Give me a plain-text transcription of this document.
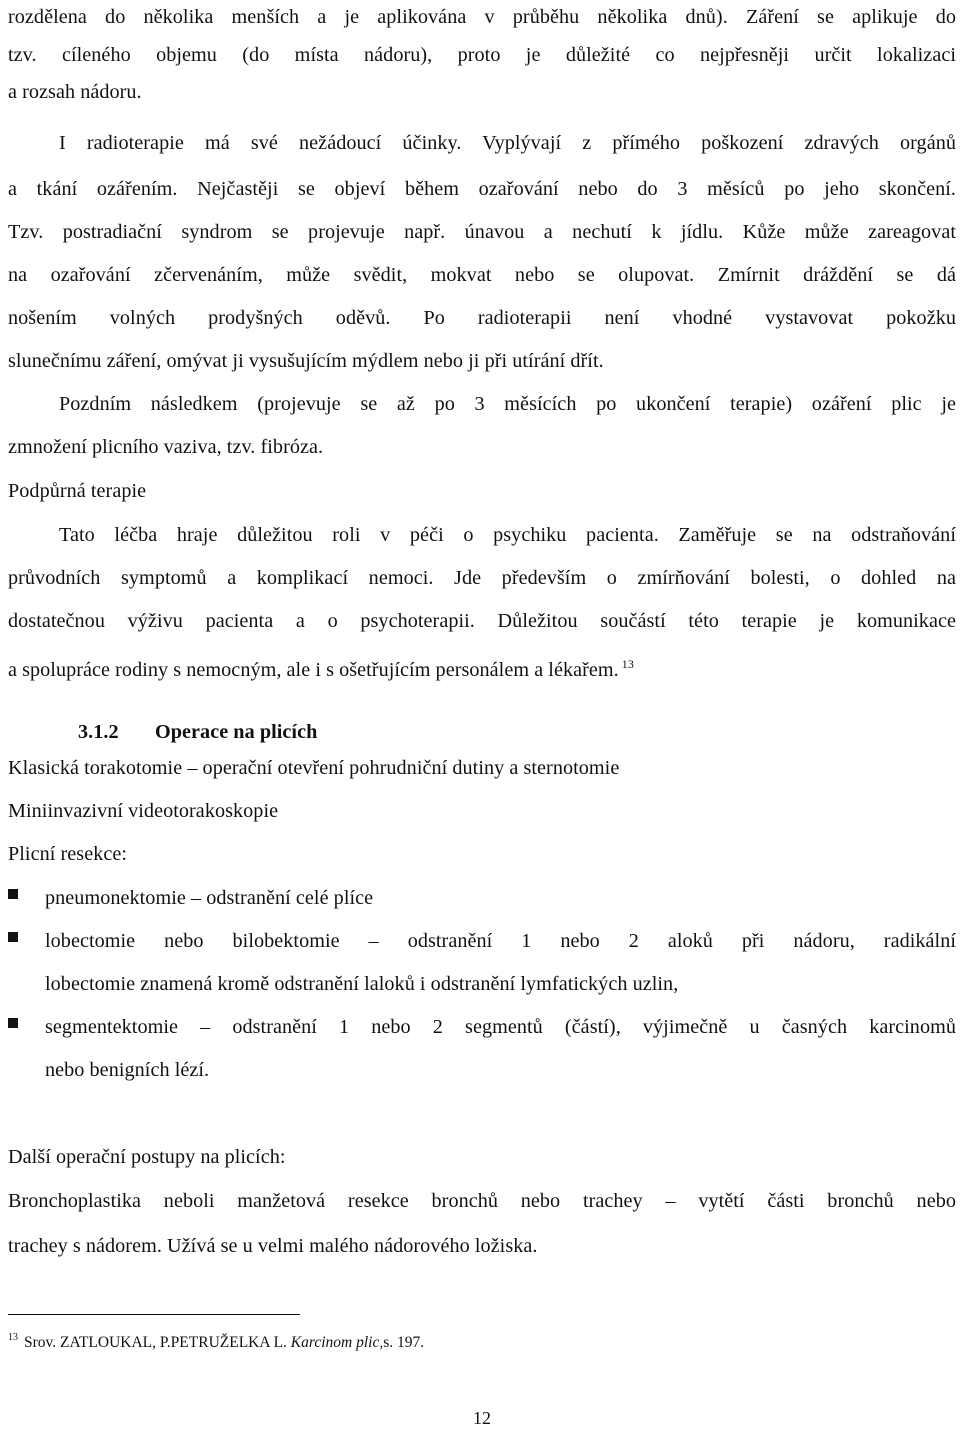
rozdělena do několika menších a je aplikována v průběhu několika dnů). Záření se aplikuje do
tzv. cíleného objemu (do místa nádoru), proto je důležité co nejpřesněji určit lokalizaci
a rozsah nádoru.
I radioterapie má své nežádoucí účinky. Vyplývají z přímého poškození zdravých orgánů
a tkání ozářením. Nejčastěji se objeví během ozařování nebo do 3 měsíců po jeho skončení.
Tzv. postradiační syndrom se projevuje např. únavou a nechutí k jídlu. Kůže může zareagovat
na ozařování zčervenáním, může svědit, mokvat nebo se olupovat. Zmírnit dráždění se dá
nošením volných prodyšných oděvů. Po radioterapii není vhodné vystavovat pokožku
slunečnímu záření, omývat ji vysušujícím mýdlem nebo ji při utírání dřít.
Pozdním následkem (projevuje se až po 3 měsících po ukončení terapie) ozáření plic je
zmnožení plicního vaziva, tzv. fibróza.
Podpůrná terapie
Tato léčba hraje důležitou roli v péči o psychiku pacienta. Zaměřuje se na odstraňování
průvodních symptomů a komplikací nemoci. Jde především o zmírňování bolesti, o dohled na
dostatečnou výživu pacienta a o psychoterapii. Důležitou součástí této terapie je komunikace
a spolupráce rodiny s nemocným, ale i s ošetřujícím personálem a lékařem. $^{13}$
3.1.2 Operace na plicích
Klasická torakotomie – operační otevření pohrudniční dutiny a sternotomie
Miniinvazivní videotorakoskopie
Plicní resekce:
pneumonektomie – odstranění celé plíce
lobectomie nebo bilobektomie – odstranění 1 nebo 2 aloků při nádoru, radikální
lobectomie znamená kromě odstranění laloků i odstranění lymfatických uzlin,
segmentektomie – odstranění 1 nebo 2 segmentů (částí), výjimečně u časných karcinomů
nebo benigních lézí.
Další operační postupy na plicích:
Bronchoplastika neboli manžetová resekce bronchů nebo trachey – vytětí části bronchů nebo
trachey s nádorem. Užívá se u velmi malého nádorového ložiska.
$^{13}$ Srov. ZATLOUKAL, P.PETRUŽELKA L. Karcinom plic,s. 197.
12
